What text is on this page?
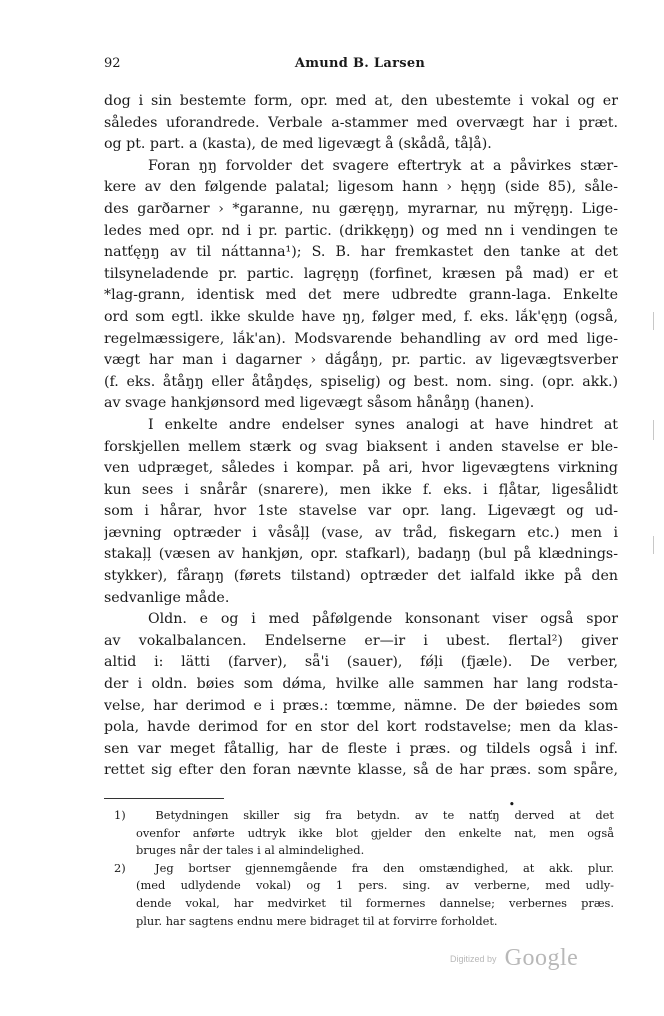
92	Amund B. Larsen
dog i sin bestemte form, opr. med at, den ubestemte i vokal og er
således uforandrede. Verbale a-stammer med overvægt har i præt.
og pt. part. a (kasta), de med ligevægt å (skådå, tåļå).
Foran ŋŋ forvolder det svagere eftertryk at a påvirkes stær-
kere av den følgende palatal; ligesom hann › hęŋŋ (side 85), såle-
des garðarner › *garanne, nu gæręŋŋ, myrarnar, nu mỹręŋŋ. Lige-
ledes med opr. nd i pr. partic. (drikkęŋŋ) og med nn i vendingen te
natťęŋŋ av til náttanna¹); S. B. har fremkastet den tanke at det
tilsyneladende pr. partic. lagręŋŋ (forfinet, kræsen på mad) er et
*lag-grann, identisk med det mere udbredte grann-laga. Enkelte
ord som egtl. ikke skulde have ŋŋ, følger med, f. eks. lắk'ęŋŋ (også,
regelmæssigere, lắk'an). Modsvarende behandling av ord med lige-
vægt har man i dagarner › dắgǻŋŋ, pr. partic. av ligevægtsverber
(f. eks. åtåŋŋ eller åtåŋdęs, spiselig) og best. nom. sing. (opr. akk.)
av svage hankjønsord med ligevægt såsom hånåŋŋ (hanen).
I enkelte andre endelser synes analogi at have hindret at
forskjellen mellem stærk og svag biaksent i anden stavelse er ble-
ven udpræget, således i kompar. på ari, hvor ligevægtens virkning
kun sees i snårår (snarere), men ikke f. eks. i fļåtar, ligesålidt
som i hårar, hvor 1ste stavelse var opr. lang. Ligevægt og ud-
jævning optræder i våsåļļ (vase, av tråd, fiskegarn etc.) men i
stakaļļ (væsen av hankjøn, opr. stafkarl), badaŋŋ (bul på klædnings-
stykker), fåraŋŋ (førets tilstand) optræder det ialfald ikke på den
sedvanlige måde.
Oldn. e og i med påfølgende konsonant viser også spor
av vokalbalancen. Endelserne er—ir i ubest. flertal²) giver
altid i: lätti (farver), sǟ'i (sauer), fǿļi (fjæle). De verber,
der i oldn. bøies som dǿma, hvilke alle sammen har lang rodsta-
velse, har derimod e i præs.: tœmme, nämne. De der bøiedes som
pola, havde derimod for en stor del kort rodstavelse; men da klas-
sen var meget fåtallig, har de fleste i præs. og tildels også i inf.
rettet sig efter den foran nævnte klasse, så de har præs. som spǟre,
•
1)	Betydningen skiller sig fra betydn. av te natťŋ derved at det
ovenfor anførte udtryk ikke blot gjelder den enkelte nat, men også
bruges når der tales i al almindelighed.
2)	Jeg bortser gjennemgående fra den omstændighed, at akk. plur.
(med udlydende vokal) og 1 pers. sing. av verberne, med udly-
dende vokal, har medvirket til formernes dannelse; verbernes præs.
plur. har sagtens endnu mere bidraget til at forvirre forholdet.
Digitized by Google
